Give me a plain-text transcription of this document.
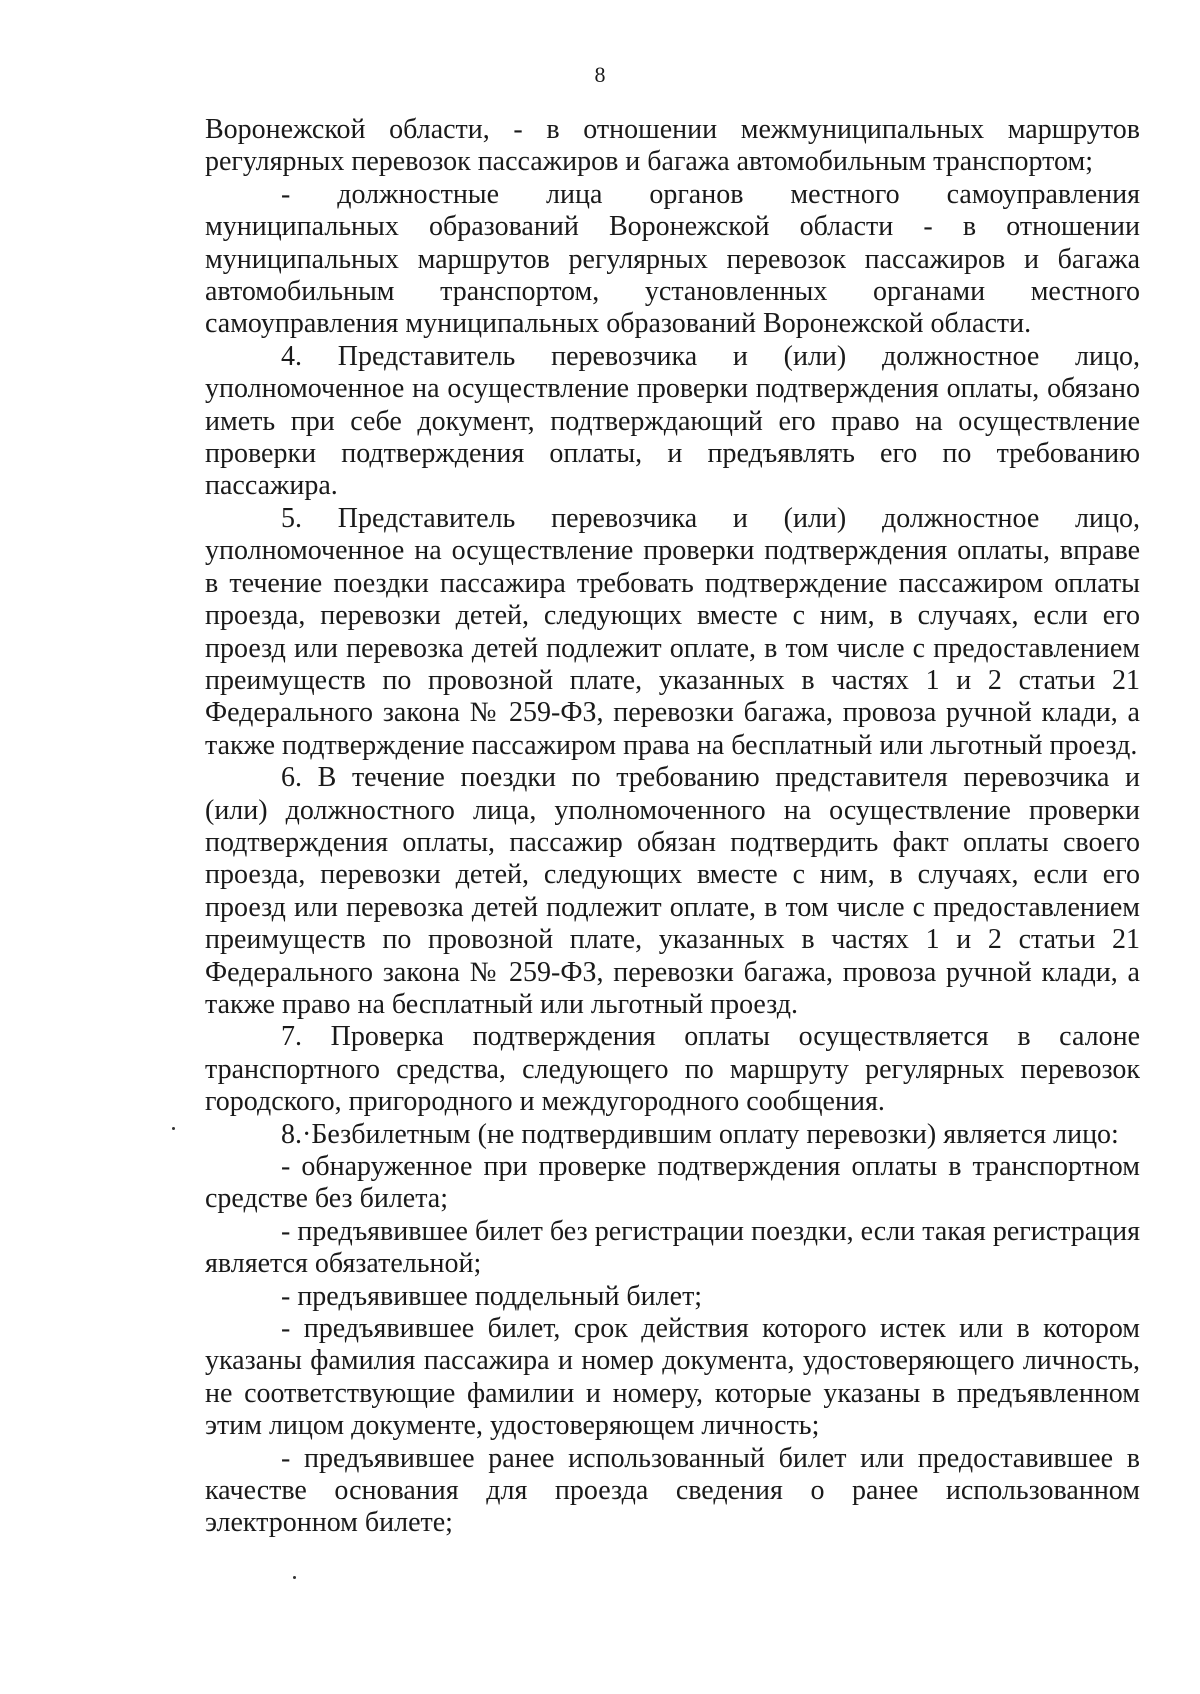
8

Воронежской области, - в отношении межмуниципальных маршрутов регулярных перевозок пассажиров и багажа автомобильным транспортом;

- должностные лица органов местного самоуправления муниципальных образований Воронежской области - в отношении муниципальных маршрутов регулярных перевозок пассажиров и багажа автомобильным транспортом, установленных органами местного самоуправления муниципальных образований Воронежской области.

4. Представитель перевозчика и (или) должностное лицо, уполномоченное на осуществление проверки подтверждения оплаты, обязано иметь при себе документ, подтверждающий его право на осуществление проверки подтверждения оплаты, и предъявлять его по требованию пассажира.

5. Представитель перевозчика и (или) должностное лицо, уполномоченное на осуществление проверки подтверждения оплаты, вправе в течение поездки пассажира требовать подтверждение пассажиром оплаты проезда, перевозки детей, следующих вместе с ним, в случаях, если его проезд или перевозка детей подлежит оплате, в том числе с предоставлением преимуществ по провозной плате, указанных в частях 1 и 2 статьи 21 Федерального закона № 259-ФЗ, перевозки багажа, провоза ручной клади, а также подтверждение пассажиром права на бесплатный или льготный проезд.

6. В течение поездки по требованию представителя перевозчика и (или) должностного лица, уполномоченного на осуществление проверки подтверждения оплаты, пассажир обязан подтвердить факт оплаты своего проезда, перевозки детей, следующих вместе с ним, в случаях, если его проезд или перевозка детей подлежит оплате, в том числе с предоставлением преимуществ по провозной плате, указанных в частях 1 и 2 статьи 21 Федерального закона № 259-ФЗ, перевозки багажа, провоза ручной клади, а также право на бесплатный или льготный проезд.

7. Проверка подтверждения оплаты осуществляется в салоне транспортного средства, следующего по маршруту регулярных перевозок городского, пригородного и междугородного сообщения.

8.·Безбилетным (не подтвердившим оплату перевозки) является лицо:

- обнаруженное при проверке подтверждения оплаты в транспортном средстве без билета;

- предъявившее билет без регистрации поездки, если такая регистрация является обязательной;

- предъявившее поддельный билет;

- предъявившее билет, срок действия которого истек или в котором указаны фамилия пассажира и номер документа, удостоверяющего личность, не соответствующие фамилии и номеру, которые указаны в предъявленном этим лицом документе, удостоверяющем личность;

- предъявившее ранее использованный билет или предоставившее в качестве основания для проезда сведения о ранее использованном электронном билете;
